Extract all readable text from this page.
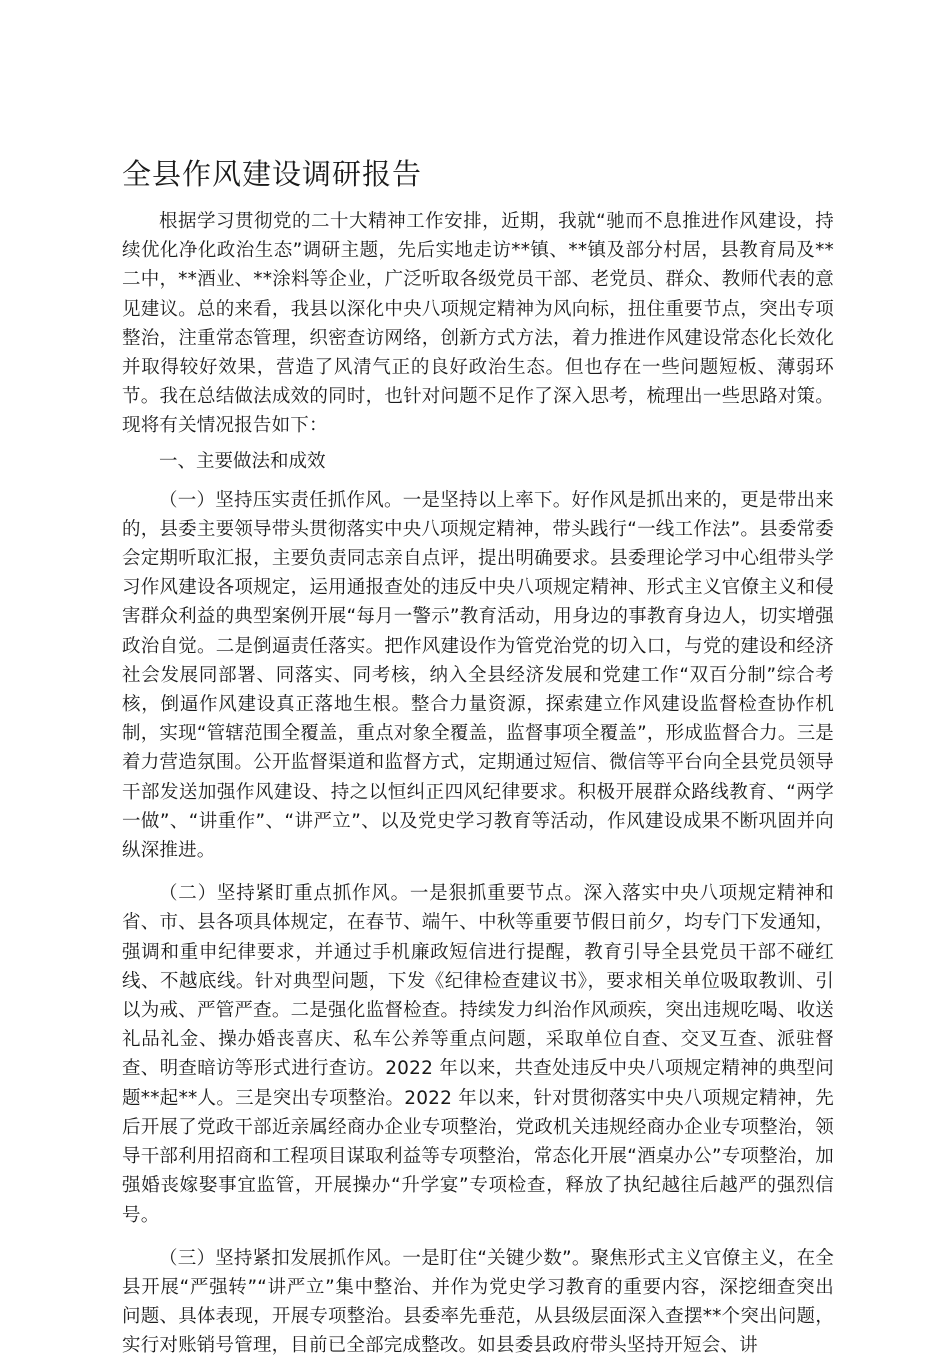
全县作风建设调研报告

根据学习贯彻党的二十大精神工作安排，近期，我就“驰而不息推进作风建设，持续优化净化政治生态”调研主题，先后实地走访**镇、**镇及部分村居，县教育局及**二中，**酒业、**涂料等企业，广泛听取各级党员干部、老党员、群众、教师代表的意见建议。总的来看，我县以深化中央八项规定精神为风向标，扭住重要节点，突出专项整治，注重常态管理，织密查访网络，创新方式方法，着力推进作风建设常态化长效化并取得较好效果，营造了风清气正的良好政治生态。但也存在一些问题短板、薄弱环节。我在总结做法成效的同时，也针对问题不足作了深入思考，梳理出一些思路对策。现将有关情况报告如下：

一、主要做法和成效

（一）坚持压实责任抓作风。一是坚持以上率下。好作风是抓出来的，更是带出来的，县委主要领导带头贯彻落实中央八项规定精神，带头践行“一线工作法”。县委常委会定期听取汇报，主要负责同志亲自点评，提出明确要求。县委理论学习中心组带头学习作风建设各项规定，运用通报查处的违反中央八项规定精神、形式主义官僚主义和侵害群众利益的典型案例开展“每月一警示”教育活动，用身边的事教育身边人，切实增强政治自觉。二是倒逼责任落实。把作风建设作为管党治党的切入口，与党的建设和经济社会发展同部署、同落实、同考核，纳入全县经济发展和党建工作“双百分制”综合考核，倒逼作风建设真正落地生根。整合力量资源，探索建立作风建设监督检查协作机制，实现“管辖范围全覆盖，重点对象全覆盖，监督事项全覆盖”，形成监督合力。三是着力营造氛围。公开监督渠道和监督方式，定期通过短信、微信等平台向全县党员领导干部发送加强作风建设、持之以恒纠正四风纪律要求。积极开展群众路线教育、“两学一做”、“讲重作”、“讲严立”、以及党史学习教育等活动，作风建设成果不断巩固并向纵深推进。

（二）坚持紧盯重点抓作风。一是狠抓重要节点。深入落实中央八项规定精神和省、市、县各项具体规定，在春节、端午、中秋等重要节假日前夕，均专门下发通知，强调和重申纪律要求，并通过手机廉政短信进行提醒，教育引导全县党员干部不碰红线、不越底线。针对典型问题，下发《纪律检查建议书》，要求相关单位吸取教训、引以为戒、严管严查。二是强化监督检查。持续发力纠治作风顽疾，突出违规吃喝、收送礼品礼金、操办婚丧喜庆、私车公养等重点问题，采取单位自查、交叉互查、派驻督查、明查暗访等形式进行查访。2022 年以来，共查处违反中央八项规定精神的典型问题**起**人。三是突出专项整治。2022 年以来，针对贯彻落实中央八项规定精神，先后开展了党政干部近亲属经商办企业专项整治，党政机关违规经商办企业专项整治，领导干部利用招商和工程项目谋取利益等专项整治，常态化开展“酒桌办公”专项整治，加强婚丧嫁娶事宜监管，开展操办“升学宴”专项检查，释放了执纪越往后越严的强烈信号。

（三）坚持紧扣发展抓作风。一是盯住“关键少数”。聚焦形式主义官僚主义，在全县开展“严强转”“讲严立”集中整治、并作为党史学习教育的重要内容，深挖细查突出问题、具体表现，开展专项整治。县委率先垂范，从县级层面深入查摆**个突出问题，实行对账销号管理，目前已全部完成整改。如县委县政府带头坚持开短会、讲
